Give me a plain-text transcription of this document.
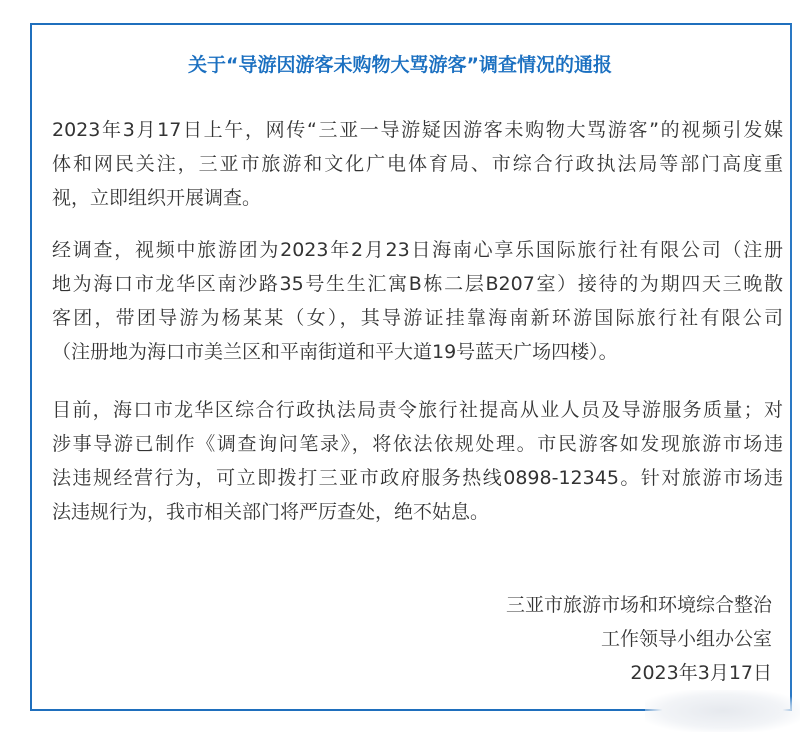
关于“导游因游客未购物大骂游客”调查情况的通报
2023年3月17日上午，网传“三亚一导游疑因游客未购物大骂游客”的视频引发媒
体和网民关注，三亚市旅游和文化广电体育局、市综合行政执法局等部门高度重
视，立即组织开展调查。
经调查，视频中旅游团为2023年2月23日海南心享乐国际旅行社有限公司（注册
地为海口市龙华区南沙路35号生生汇寓B栋二层B207室）接待的为期四天三晚散
客团，带团导游为杨某某（女），其导游证挂靠海南新环游国际旅行社有限公司
（注册地为海口市美兰区和平南街道和平大道19号蓝天广场四楼）。
目前，海口市龙华区综合行政执法局责令旅行社提高从业人员及导游服务质量；对
涉事导游已制作《调查询问笔录》，将依法依规处理。市民游客如发现旅游市场违
法违规经营行为，可立即拨打三亚市政府服务热线0898-12345。针对旅游市场违
法违规行为，我市相关部门将严厉查处，绝不姑息。
三亚市旅游市场和环境综合整治
工作领导小组办公室
2023年3月17日
